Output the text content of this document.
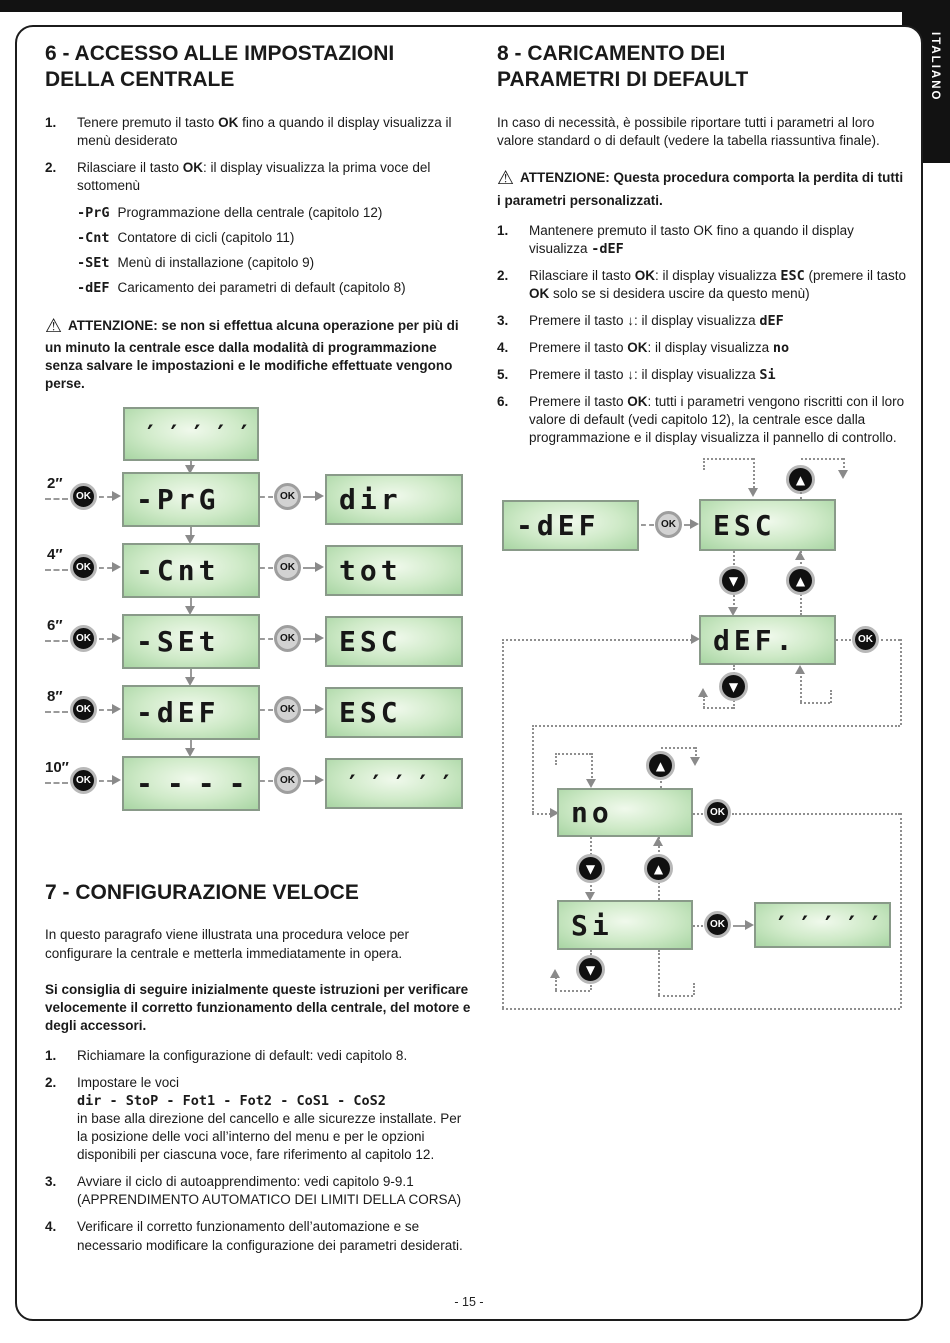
ITALIANO
6 - ACCESSO ALLE IMPOSTAZIONI
DELLA CENTRALE
1.	Tenere premuto il tasto OK fino a quando il display visualizza il menù desiderato
2.	Rilasciare il tasto OK: il display visualizza la prima voce del sottomenù
-PrG Programmazione della centrale (capitolo 12)
-Cnt Contatore di cicli (capitolo 11)
-SEt Menù di installazione (capitolo 9)
-dEF Caricamento dei parametri di default (capitolo 8)

⚠ ATTENZIONE: se non si effettua alcuna operazione per più di un minuto la centrale esce dalla modalità di programmazione senza salvare le impostazioni e le modifiche effettuate vengono perse.

′′′′′
2″
OK	-PrG	OK	dir
4″
OK	-Cnt	OK	tot
6″
OK	-SEt	OK	ESC
8″
OK	-dEF	OK	ESC
10″
OK	----	OK	′′′′′
7 - CONFIGURAZIONE VELOCE

In questo paragrafo viene illustrata una procedura veloce per configurare la centrale e metterla immediatamente in opera.

Si consiglia di seguire inizialmente queste istruzioni per verificare velocemente il corretto funzionamento della centrale, del motore e degli accessori.

1.	Richiamare la configurazione di default: vedi capitolo 8.
2.	Impostare le voci
dir - StoP - Fot1 - Fot2 - CoS1 - CoS2
in base alla direzione del cancello e alle sicurezze installate. Per la posizione delle voci all’interno del menu e per le opzioni disponibili per ciascuna voce, fare riferimento al capitolo 12.
3.	Avviare il ciclo di autoapprendimento: vedi capitolo 9-9.1 (APPRENDIMENTO AUTOMATICO DEI LIMITI DELLA CORSA)
4.	Verificare il corretto funzionamento dell’automazione e se necessario modificare la configurazione dei parametri desiderati.
8 - CARICAMENTO DEI
PARAMETRI DI DEFAULT

In caso di necessità, è possibile riportare tutti i parametri al loro valore standard o di default (vedere la tabella riassuntiva finale).

⚠ ATTENZIONE: Questa procedura comporta la perdita di tutti i parametri personalizzati.

1.	Mantenere premuto il tasto OK fino a quando il display visualizza -dEF
2.	Rilasciare il tasto OK: il display visualizza ESC (premere il tasto OK solo se si desidera uscire da questo menù)
3.	Premere il tasto ↓: il display visualizza dEF
4.	Premere il tasto OK: il display visualizza no
5.	Premere il tasto ↓: il display visualizza Si
6.	Premere il tasto OK: tutti i parametri vengono riscritti con il loro valore di default (vedi capitolo 12), la centrale esce dalla programmazione e il display visualizza il pannello di controllo.
-dEF	OK	ESC
▲
▼	▲
dEF.	OK
▼
▲
no	OK
▼	▲
Si	OK	′′′′′
▼
- 15 -
